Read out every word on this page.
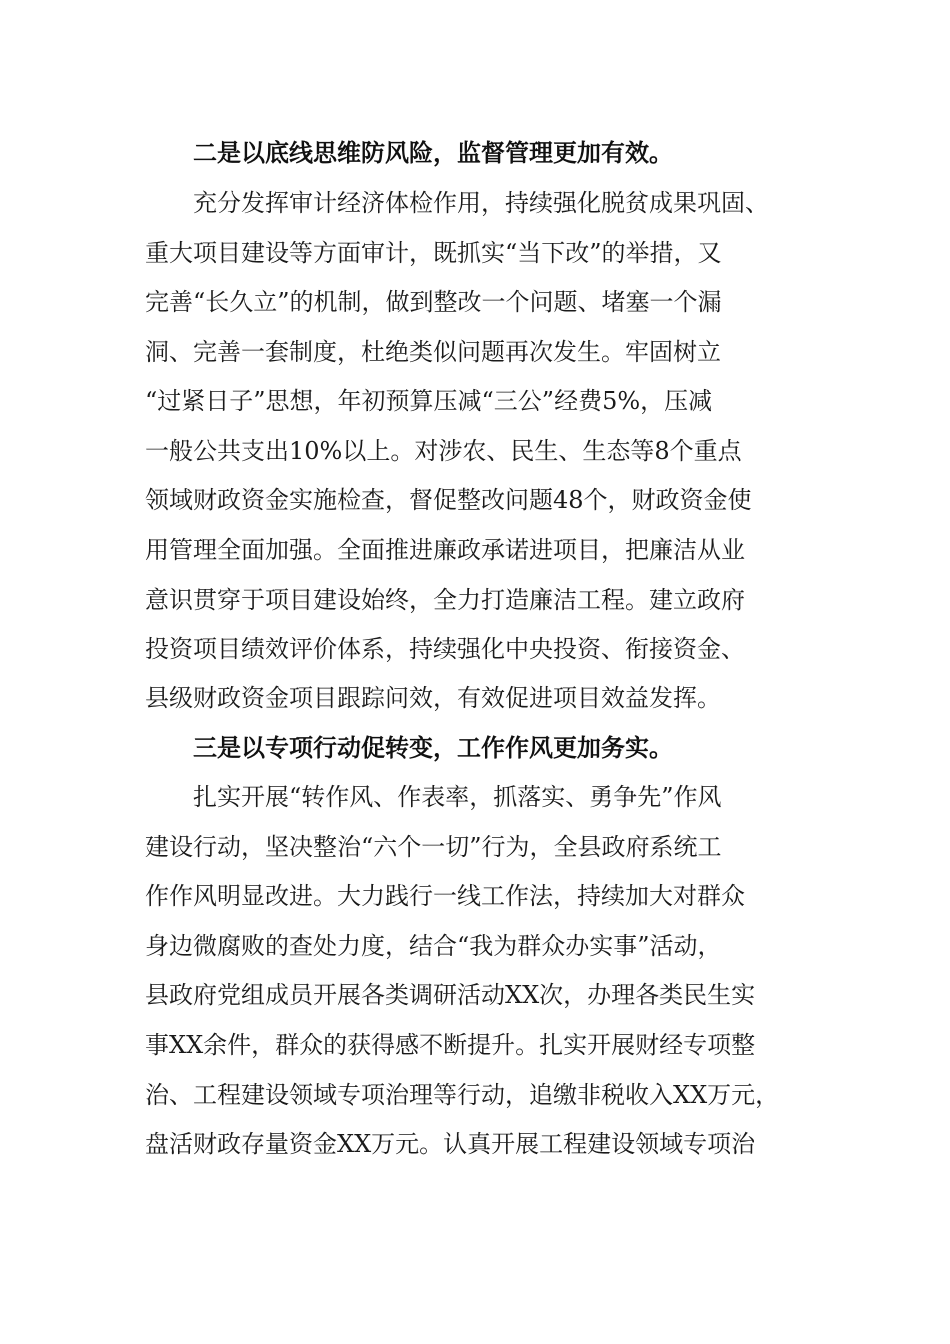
二是以底线思维防风险，监督管理更加有效。
充分发挥审计经济体检作用，持续强化脱贫成果巩固、
重大项目建设等方面审计，既抓实“当下改”的举措，又
完善“长久立”的机制，做到整改一个问题、堵塞一个漏
洞、完善一套制度，杜绝类似问题再次发生。牢固树立
“过紧日子”思想，年初预算压减“三公”经费5%，压减
一般公共支出10%以上。对涉农、民生、生态等8个重点
领域财政资金实施检查，督促整改问题48个，财政资金使
用管理全面加强。全面推进廉政承诺进项目，把廉洁从业
意识贯穿于项目建设始终，全力打造廉洁工程。建立政府
投资项目绩效评价体系，持续强化中央投资、衔接资金、
县级财政资金项目跟踪问效，有效促进项目效益发挥。
三是以专项行动促转变，工作作风更加务实。
扎实开展“转作风、作表率，抓落实、勇争先”作风
建设行动，坚决整治“六个一切”行为，全县政府系统工
作作风明显改进。大力践行一线工作法，持续加大对群众
身边微腐败的查处力度，结合“我为群众办实事”活动，
县政府党组成员开展各类调研活动XX次，办理各类民生实
事XX余件，群众的获得感不断提升。扎实开展财经专项整
治、工程建设领域专项治理等行动，追缴非税收入XX万元，
盘活财政存量资金XX万元。认真开展工程建设领域专项治
